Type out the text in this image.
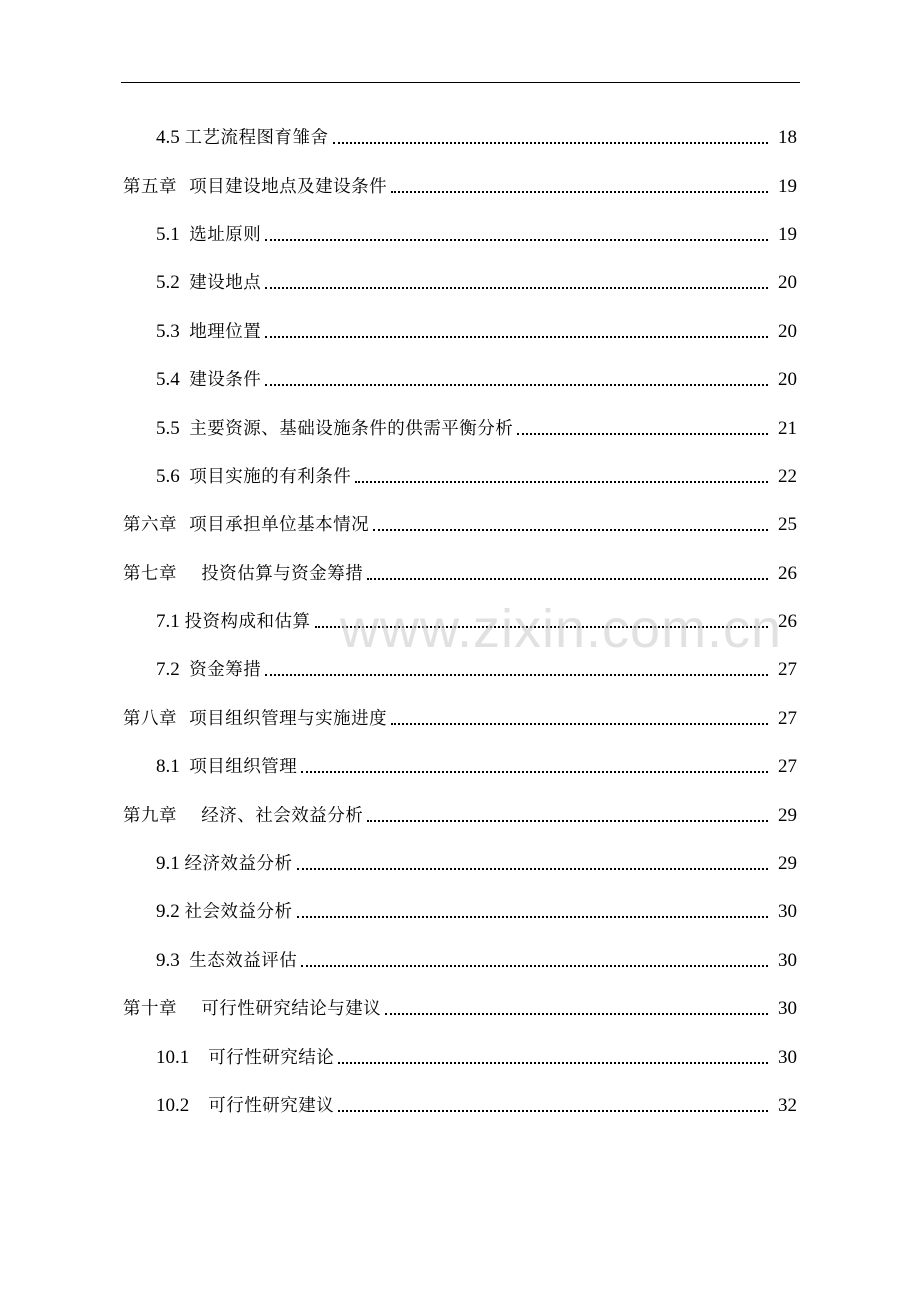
4.5 工艺流程图育雏舍	18
第五章  项目建设地点及建设条件	19
5.1  选址原则	19
5.2  建设地点	20
5.3  地理位置	20
5.4  建设条件	20
5.5  主要资源、基础设施条件的供需平衡分析	21
5.6  项目实施的有利条件	22
第六章  项目承担单位基本情况	25
第七章    投资估算与资金筹措	26
7.1 投资构成和估算	26
7.2  资金筹措	27
第八章  项目组织管理与实施进度	27
8.1  项目组织管理	27
第九章    经济、社会效益分析	29
9.1 经济效益分析	29
9.2 社会效益分析	30
9.3  生态效益评估	30
第十章    可行性研究结论与建议	30
10.1    可行性研究结论	30
10.2    可行性研究建议	32
www.zixin.com.cn
